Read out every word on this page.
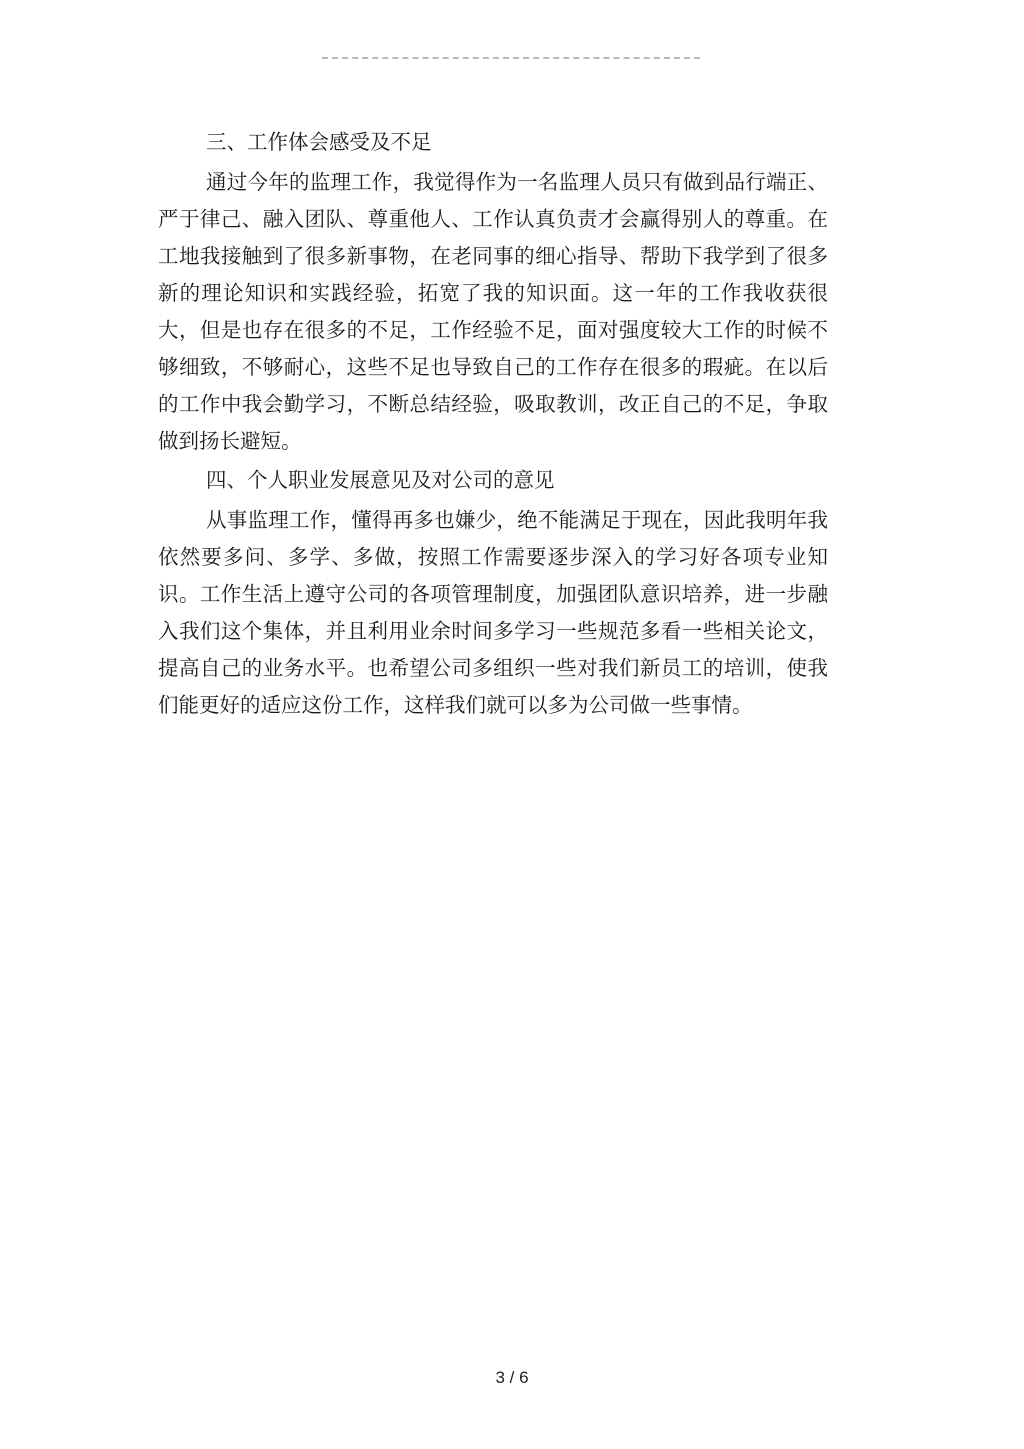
三、工作体会感受及不足

通过今年的监理工作，我觉得作为一名监理人员只有做到品行端正、严于律己、融入团队、尊重他人、工作认真负责才会赢得别人的尊重。在工地我接触到了很多新事物，在老同事的细心指导、帮助下我学到了很多新的理论知识和实践经验，拓宽了我的知识面。这一年的工作我收获很大，但是也存在很多的不足，工作经验不足，面对强度较大工作的时候不够细致，不够耐心，这些不足也导致自己的工作存在很多的瑕疵。在以后的工作中我会勤学习，不断总结经验，吸取教训，改正自己的不足，争取做到扬长避短。

四、个人职业发展意见及对公司的意见

从事监理工作，懂得再多也嫌少，绝不能满足于现在，因此我明年我依然要多问、多学、多做，按照工作需要逐步深入的学习好各项专业知识。工作生活上遵守公司的各项管理制度，加强团队意识培养，进一步融入我们这个集体，并且利用业余时间多学习一些规范多看一些相关论文，提高自己的业务水平。也希望公司多组织一些对我们新员工的培训，使我们能更好的适应这份工作，这样我们就可以多为公司做一些事情。

3 / 6
